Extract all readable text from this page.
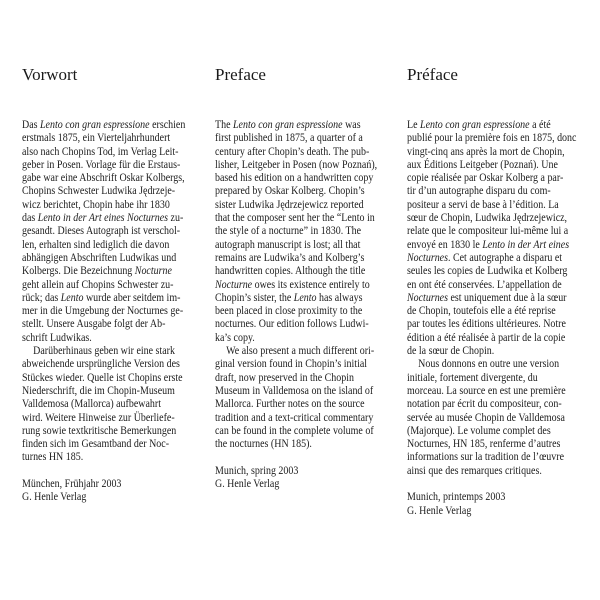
Vorwort
Das Lento con gran espressione erschien
erstmals 1875, ein Vierteljahrhundert
also nach Chopins Tod, im Verlag Leit-
geber in Posen. Vorlage für die Erstaus-
gabe war eine Abschrift Oskar Kolbergs,
Chopins Schwester Ludwika Jędrzeje-
wicz berichtet, Chopin habe ihr 1830
das Lento in der Art eines Nocturnes zu-
gesandt. Dieses Autograph ist verschol-
len, erhalten sind lediglich die davon
abhängigen Abschriften Ludwikas und
Kolbergs. Die Bezeichnung Nocturne
geht allein auf Chopins Schwester zu-
rück; das Lento wurde aber seitdem im-
mer in die Umgebung der Nocturnes ge-
stellt. Unsere Ausgabe folgt der Ab-
schrift Ludwikas.
Darüberhinaus geben wir eine stark
abweichende ursprüngliche Version des
Stückes wieder. Quelle ist Chopins erste
Niederschrift, die im Chopin-Museum
Valldemosa (Mallorca) aufbewahrt
wird. Weitere Hinweise zur Überliefe-
rung sowie textkritische Bemerkungen
finden sich im Gesamtband der Noc-
turnes HN 185.
München, Frühjahr 2003
G. Henle Verlag
Preface
The Lento con gran espressione was
first published in 1875, a quarter of a
century after Chopin’s death. The pub-
lisher, Leitgeber in Posen (now Poznań),
based his edition on a handwritten copy
prepared by Oskar Kolberg. Chopin’s
sister Ludwika Jędrzejewicz reported
that the composer sent her the “Lento in
the style of a nocturne” in 1830. The
autograph manuscript is lost; all that
remains are Ludwika’s and Kolberg’s
handwritten copies. Although the title
Nocturne owes its existence entirely to
Chopin’s sister, the Lento has always
been placed in close proximity to the
nocturnes. Our edition follows Ludwi-
ka’s copy.
We also present a much different ori-
ginal version found in Chopin’s initial
draft, now preserved in the Chopin
Museum in Valldemosa on the island of
Mallorca. Further notes on the source
tradition and a text-critical commentary
can be found in the complete volume of
the nocturnes (HN 185).
Munich, spring 2003
G. Henle Verlag
Préface
Le Lento con gran espressione a été
publié pour la première fois en 1875, donc
vingt-cinq ans après la mort de Chopin,
aux Éditions Leitgeber (Poznań). Une
copie réalisée par Oskar Kolberg a par-
tir d’un autographe disparu du com-
positeur a servi de base à l’édition. La
sœur de Chopin, Ludwika Jędrzejewicz,
relate que le compositeur lui-même lui a
envoyé en 1830 le Lento in der Art eines
Nocturnes. Cet autographe a disparu et
seules les copies de Ludwika et Kolberg
en ont été conservées. L’appellation de
Nocturnes est uniquement due à la sœur
de Chopin, toutefois elle a été reprise
par toutes les éditions ultérieures. Notre
édition a été réalisée à partir de la copie
de la sœur de Chopin.
Nous donnons en outre une version
initiale, fortement divergente, du
morceau. La source en est une première
notation par écrit du compositeur, con-
servée au musée Chopin de Valldemosa
(Majorque). Le volume complet des
Nocturnes, HN 185, renferme d’autres
informations sur la tradition de l’œuvre
ainsi que des remarques critiques.
Munich, printemps 2003
G. Henle Verlag
